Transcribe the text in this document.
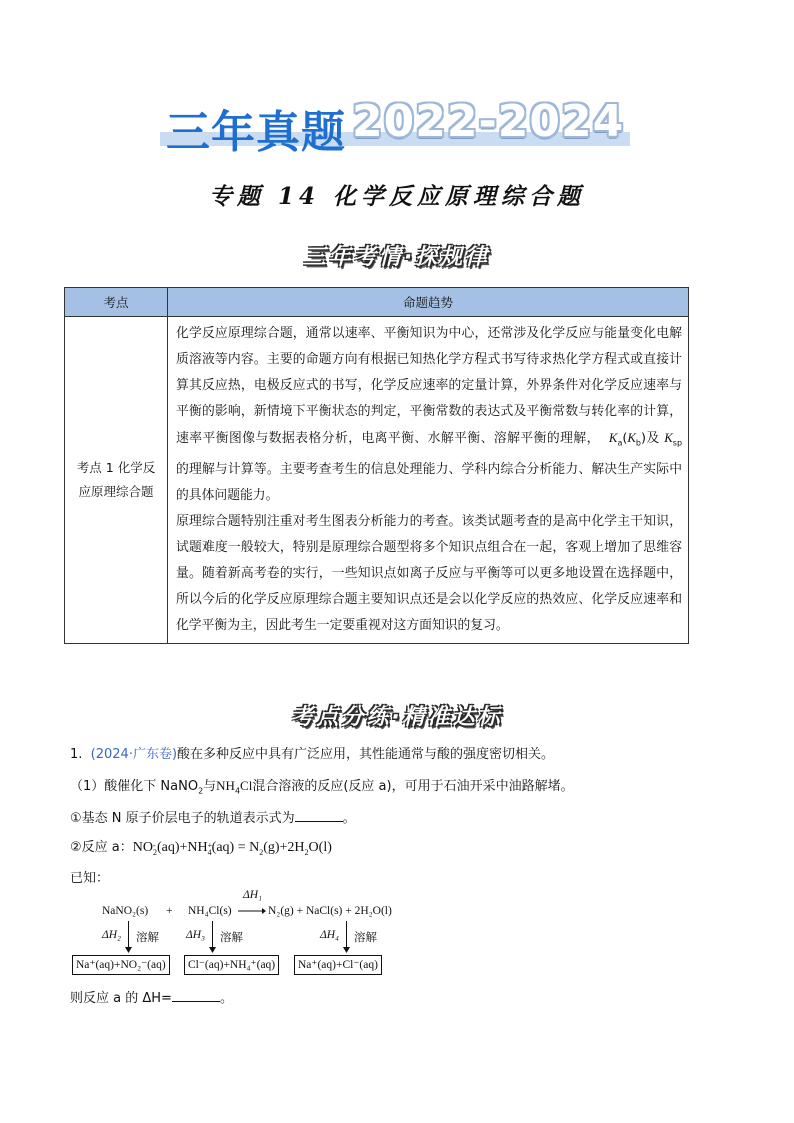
三年真题 2022-2024
专题 14 化学反应原理综合题
三年考情·探规律
考点	命题趋势
考点 1 化学反应原理综合题	化学反应原理综合题，通常以速率、平衡知识为中心，还常涉及化学反应与能量变化电解质溶液等内容。主要的命题方向有根据已知热化学方程式书写待求热化学方程式或直接计算其反应热，电极反应式的书写，化学反应速率的定量计算，外界条件对化学反应速率与平衡的影响，新情境下平衡状态的判定，平衡常数的表达式及平衡常数与转化率的计算，速率平衡图像与数据表格分析，电离平衡、水解平衡、溶解平衡的理解， $K_a(K_b)$及 $K_{sp}$ 的理解与计算等。主要考查考生的信息处理能力、学科内综合分析能力、解决生产实际中的具体问题能力。
原理综合题特别注重对考生图表分析能力的考查。该类试题考查的是高中化学主干知识，试题难度一般较大，特别是原理综合题型将多个知识点组合在一起，客观上增加了思维容量。随着新高考卷的实行，一些知识点如离子反应与平衡等可以更多地设置在选择题中，所以今后的化学反应原理综合题主要知识点还是会以化学反应的热效应、化学反应速率和化学平衡为主，因此考生一定要重视对这方面知识的复习。
考点分练·精准达标
1. (2024·广东卷)酸在多种反应中具有广泛应用，其性能通常与酸的强度密切相关。
（1）酸催化下 NaNO$_2$与$NH_4Cl$混合溶液的反应(反应 a)，可用于石油开采中油路解堵。
①基态 N 原子价层电子的轨道表示式为	。
②反应 a：NO -
$_2$(aq)+NH +
$_4(aq) = N_2(g)+2H_2O(l)$
已知：
NaNO₂(s) + NH₄Cl(s)
ΔH₁
→ N₂(g) + NaCl(s) + 2H₂O(l)
ΔH₂ 溶解 ΔH₃ 溶解	ΔH₄ 溶解
Na⁺(aq)+NO₂⁻(aq)	Cl⁻(aq)+NH₄⁺(aq)	Na⁺(aq)+Cl⁻(aq)
则反应 a 的 ΔH=	。
